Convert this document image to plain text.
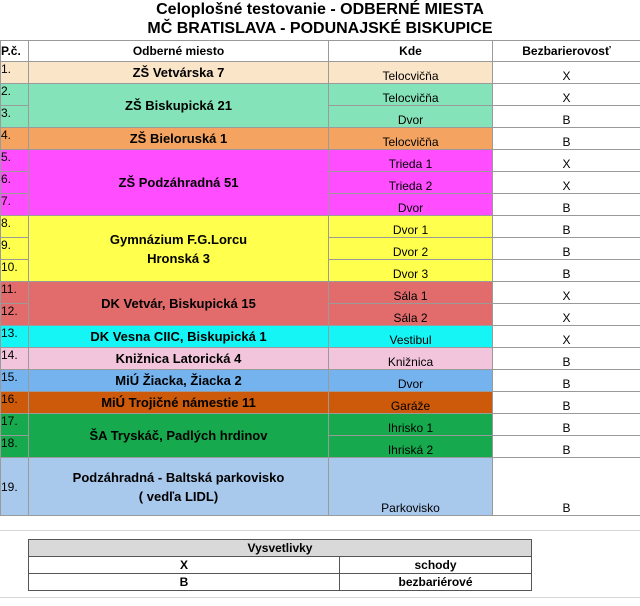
Celoplošné testovanie - ODBERNÉ MIESTA
MČ BRATISLAVA - PODUNAJSKÉ BISKUPICE
P.č.	Odberné miesto	Kde	Bezbarierovosť
1.	ZŠ Vetvárska 7	Telocvičňa	X
2.	ZŠ Biskupická 21	Telocvičňa	X
3.		Dvor	B
4.	ZŠ Bieloruská 1	Telocvičňa	B
5.	ZŠ Podzáhradná 51	Trieda 1	X
6.		Trieda 2	X
7.		Dvor	B
8.	Gymnázium F.G.Lorcu
Hronská 3	Dvor 1	B
9.		Dvor 2	B
10.		Dvor 3	B
11.	DK Vetvár, Biskupická 15	Sála 1	X
12.		Sála 2	X
13.	DK Vesna CIIC, Biskupická 1	Vestibul	X
14.	Knižnica Latorická 4	Knižnica	B
15.	MiÚ Žiacka, Žiacka 2	Dvor	B
16.	MiÚ Trojičné námestie 11	Garáže	B
17.	ŠA Tryskáč, Padlých hrdinov	Ihrisko 1	B
18.		Ihriská 2	B
19.	Podzáhradná - Baltská parkovisko
( vedľa LIDL)	Parkovisko	B
Vysvetlivky	
X	schody
B	bezbariérové
